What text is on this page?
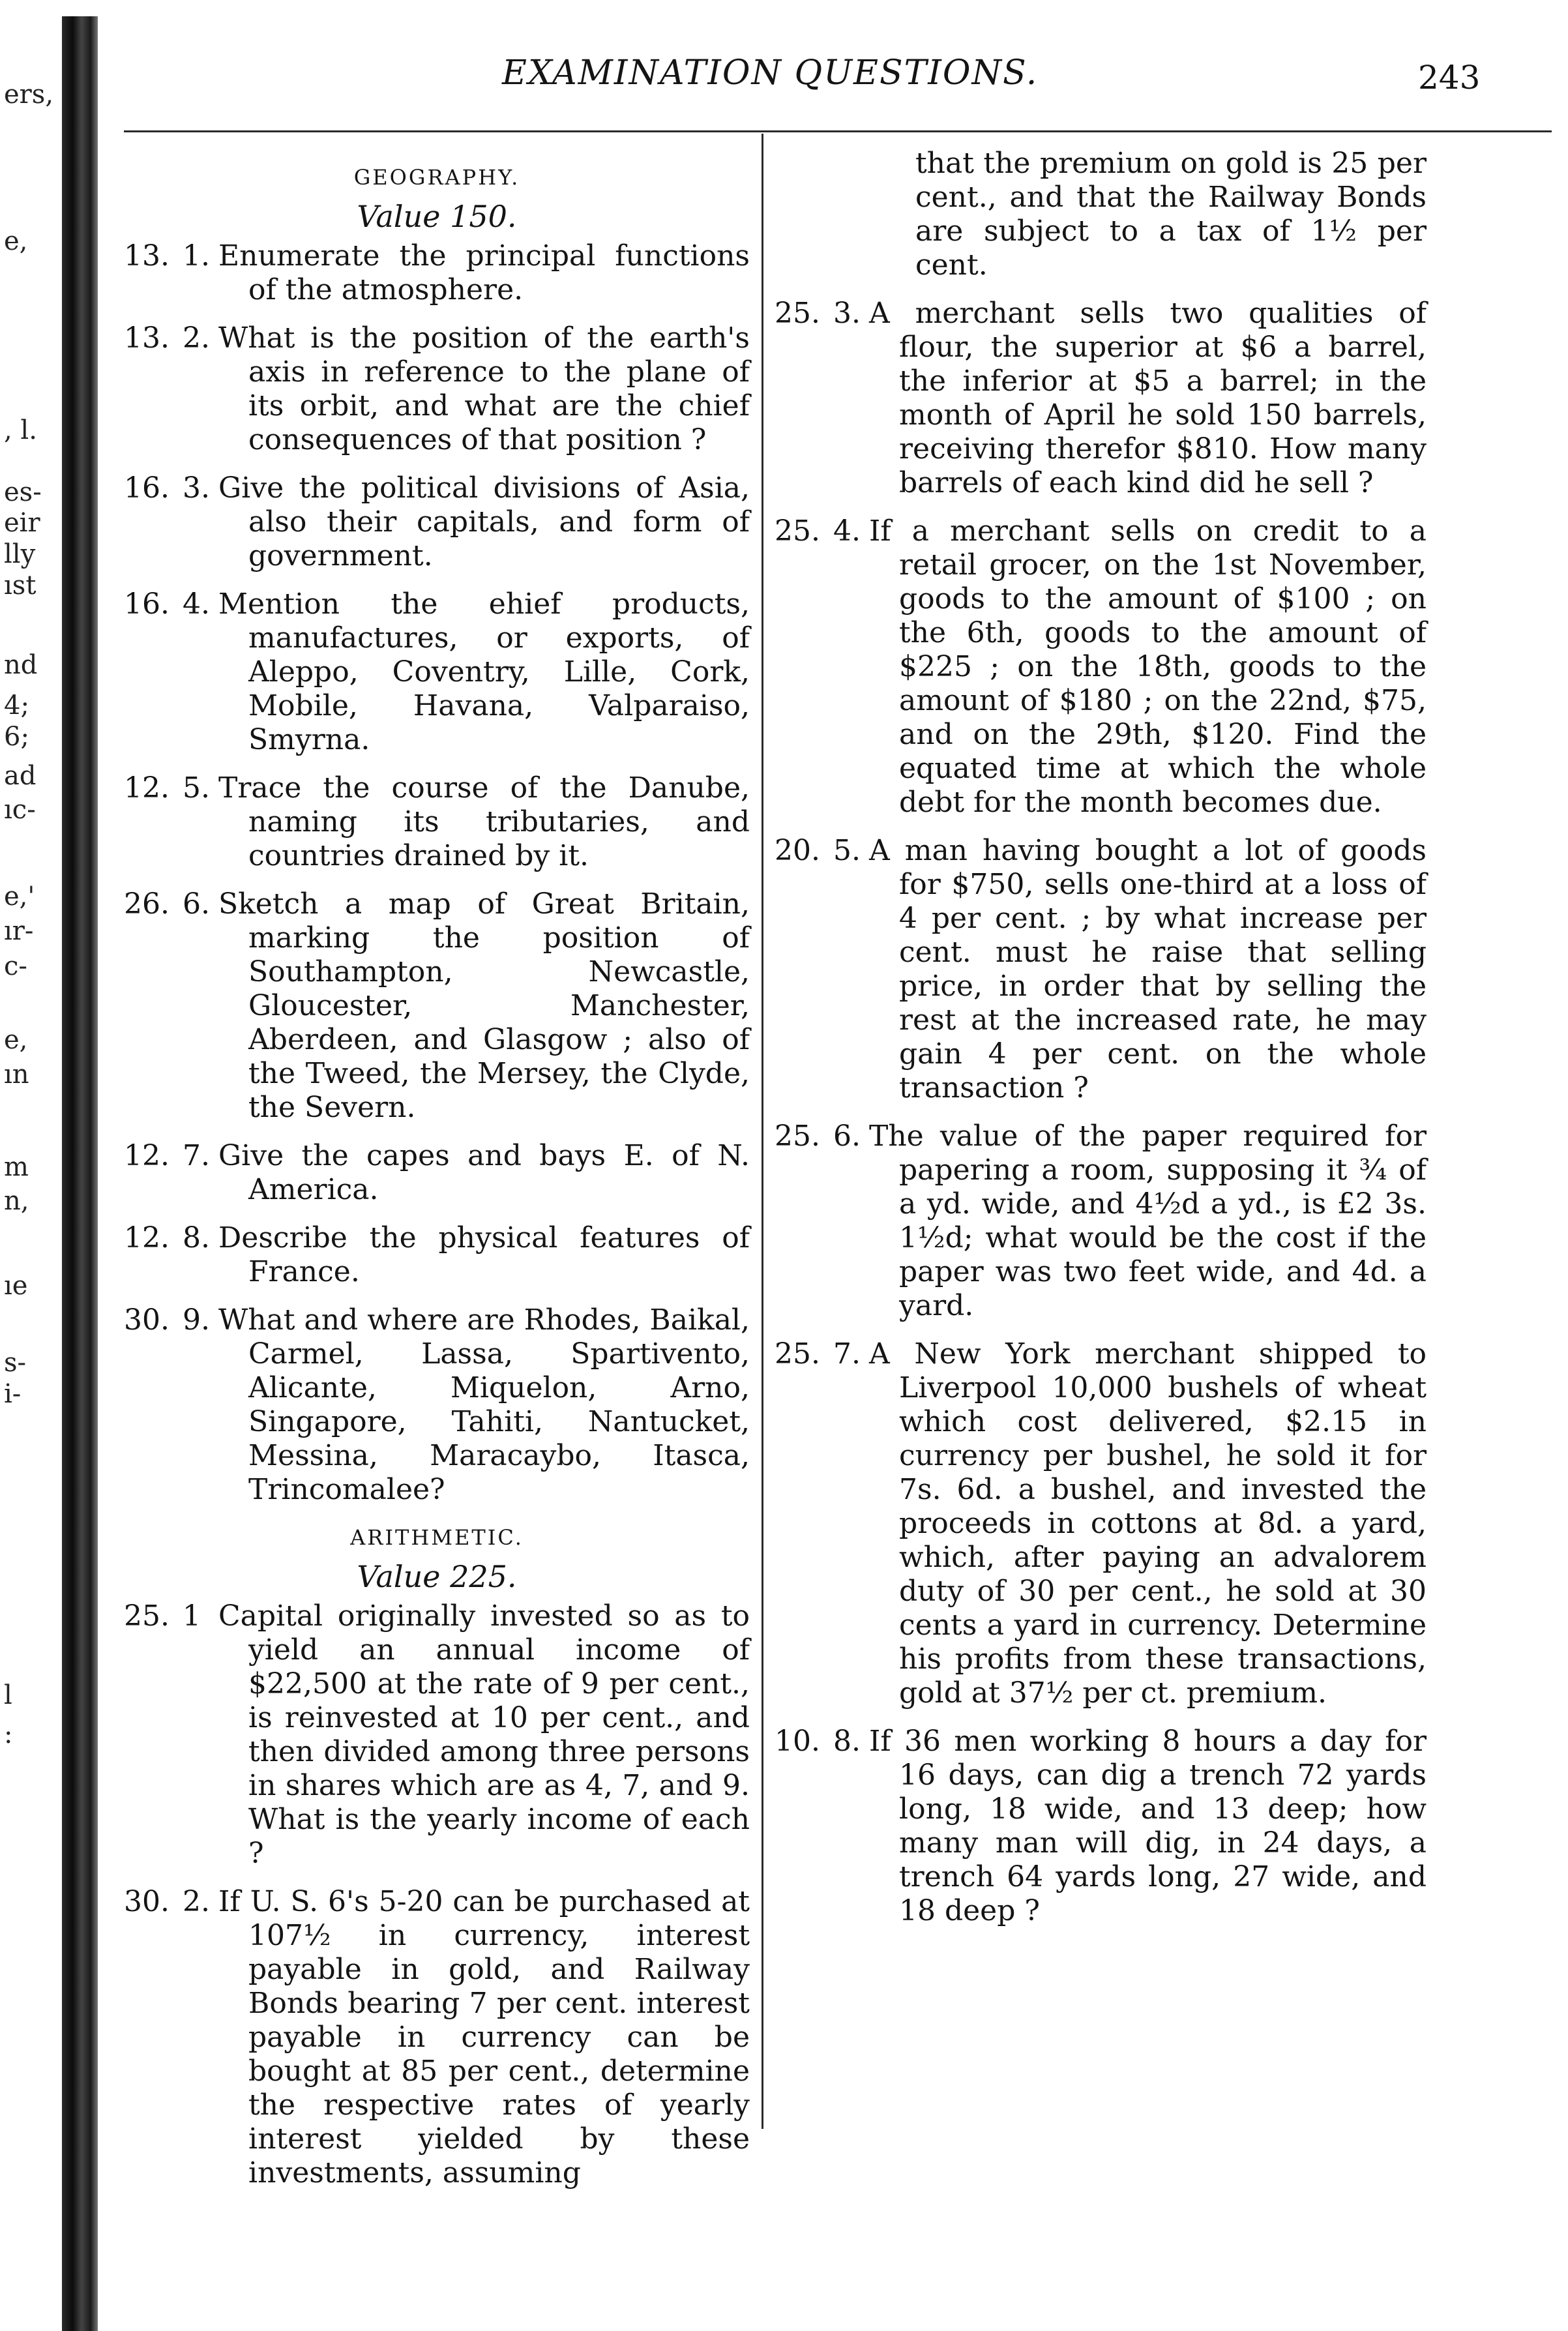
ers,
e,
, l.
es-
eir
lly
ıst
nd
4;
6;
ad
ıc-
e,'
ır-
c-
e,
ın
m
n,
ıe
s-
i-
l
:
EXAMINATION QUESTIONS.	243
GEOGRAPHY.
Value 150.
13. 1. Enumerate the principal functions of the atmosphere.
13. 2. What is the position of the earth's axis in reference to the plane of its orbit, and what are the chief consequences of that position ?
16. 3. Give the political divisions of Asia, also their capitals, and form of government.
16. 4. Mention the ehief products, manufactures, or exports, of Aleppo, Coventry, Lille, Cork, Mobile, Havana, Valparaiso, Smyrna.
12. 5. Trace the course of the Danube, naming its tributaries, and countries drained by it.
26. 6. Sketch a map of Great Britain, marking the position of Southampton, Newcastle, Gloucester, Manchester, Aberdeen, and Glasgow ; also of the Tweed, the Mersey, the Clyde, the Severn.
12. 7. Give the capes and bays E. of N. America.
12. 8. Describe the physical features of France.
30. 9. What and where are Rhodes, Baikal, Carmel, Lassa, Spartivento, Alicante, Miquelon, Arno, Singapore, Tahiti, Nantucket, Messina, Maracaybo, Itasca, Trincomalee?
ARITHMETIC.
Value 225.
25. 1 Capital originally invested so as to yield an annual income of $22,500 at the rate of 9 per cent., is reinvested at 10 per cent., and then divided among three persons in shares which are as 4, 7, and 9. What is the yearly income of each ?
30. 2. If U. S. 6's 5-20 can be purchased at 107½ in currency, interest payable in gold, and Railway Bonds bearing 7 per cent. interest payable in currency can be bought at 85 per cent., determine the respective rates of yearly interest yielded by these investments, assuming
that the premium on gold is 25 per cent., and that the Railway Bonds are subject to a tax of 1½ per cent.
25. 3. A merchant sells two qualities of flour, the superior at $6 a barrel, the inferior at $5 a barrel; in the month of April he sold 150 barrels, receiving therefor $810. How many barrels of each kind did he sell ?
25. 4. If a merchant sells on credit to a retail grocer, on the 1st November, goods to the amount of $100 ; on the 6th, goods to the amount of $225 ; on the 18th, goods to the amount of $180 ; on the 22nd, $75, and on the 29th, $120. Find the equated time at which the whole debt for the month becomes due.
20. 5. A man having bought a lot of goods for $750, sells one-third at a loss of 4 per cent. ; by what increase per cent. must he raise that selling price, in order that by selling the rest at the increased rate, he may gain 4 per cent. on the whole transaction ?
25. 6. The value of the paper required for papering a room, supposing it ¾ of a yd. wide, and 4½d a yd., is £2 3s. 1½d; what would be the cost if the paper was two feet wide, and 4d. a yard.
25. 7. A New York merchant shipped to Liverpool 10,000 bushels of wheat which cost delivered, $2.15 in currency per bushel, he sold it for 7s. 6d. a bushel, and invested the proceeds in cottons at 8d. a yard, which, after paying an advalorem duty of 30 per cent., he sold at 30 cents a yard in currency. Determine his profits from these transactions, gold at 37½ per ct. premium.
10. 8. If 36 men working 8 hours a day for 16 days, can dig a trench 72 yards long, 18 wide, and 13 deep; how many man will dig, in 24 days, a trench 64 yards long, 27 wide, and 18 deep ?
